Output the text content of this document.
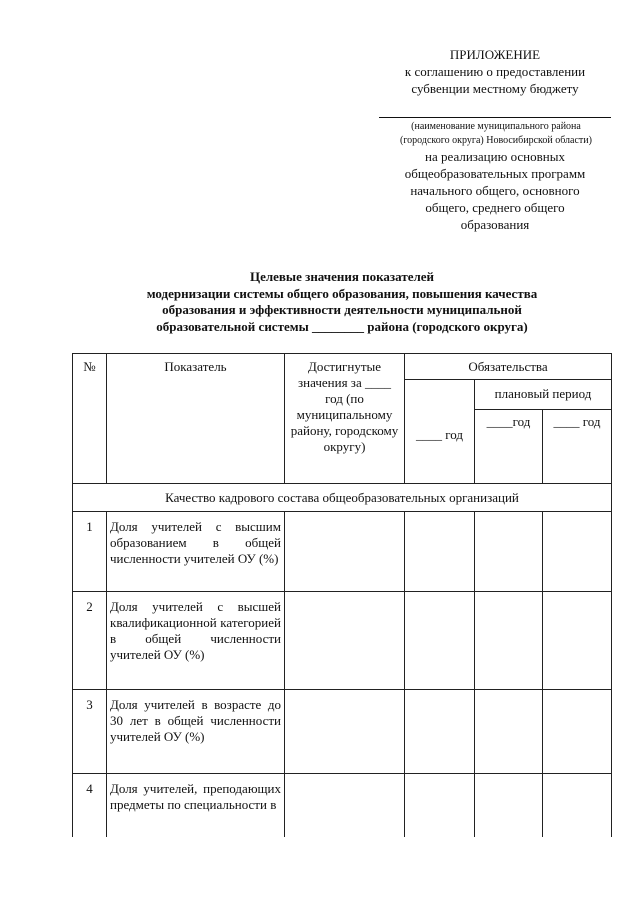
ПРИЛОЖЕНИЕ
к соглашению о предоставлении
субвенции местному бюджету
(наименование муниципального района
(городского округа) Новосибирской области)
на реализацию основных
общеобразовательных программ
начального общего, основного
общего, среднего общего
образования
Целевые значения показателей
модернизации системы общего образования, повышения качества
образования и эффективности деятельности муниципальной
образовательной системы ________ района (городского округа)
№	Показатель	Достигнутые значения за ____ год (по муниципальному району, городскому округу)	Обязательства		
			____ год	плановый период	
				____год	____ год
Качество кадрового состава общеобразовательных организаций					
1	Доля учителей с высшим образованием в общей численности учителей ОУ (%)				
2	Доля учителей с высшей квалификационной категорией в общей численности учителей ОУ (%)				
3	Доля учителей в возрасте до 30 лет в общей численности учителей ОУ (%)				
4	Доля учителей, преподающих предметы по специальности в				
